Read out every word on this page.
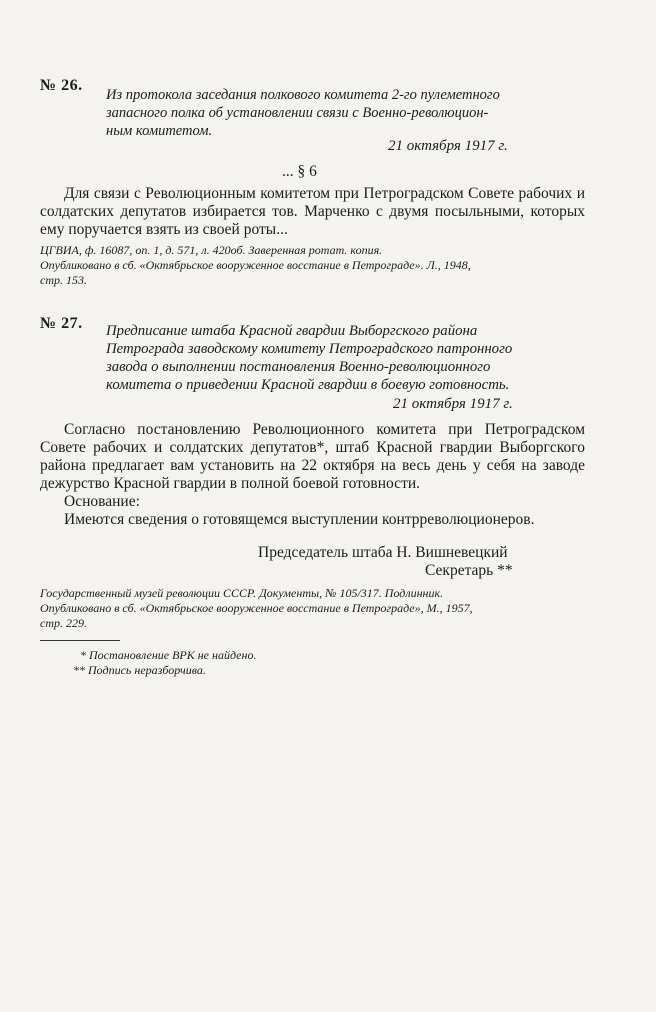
№ 26.
Из протокола заседания полкового комитета 2-го пулеметного
запасного полка об установлении связи с Военно-революцион-
ным комитетом.
21 октября 1917 г.
... § 6

Для связи с Революционным комитетом при Петроградском Совете рабочих и солдатских депутатов избирается тов. Марченко с двумя посыльными, которых ему поручается взять из своей роты...

ЦГВИА, ф. 16087, оп. 1, д. 571, л. 420об. Заверенная ротат. копия.
Опубликовано в сб. «Октябрьское вооруженное восстание в Петрограде». Л., 1948,
стр. 153.
№ 27. Предписание штаба Красной гвардии Выборгского района
Петрограда заводскому комитету Петроградского патронного
завода о выполнении постановления Военно-революционного
комитета о приведении Красной гвардии в боевую готовность.
21 октября 1917 г.

Согласно постановлению Революционного комитета при Петроградском Совете рабочих и солдатских депутатов*, штаб Красной гвардии Выборгского района предлагает вам установить на 22 октября на весь день у себя на заводе дежурство Красной гвардии в полной боевой готовности.

Основание:

Имеются сведения о готовящемся выступлении контрреволюционеров.

Председатель штаба Н. Вишневецкий
Секретарь **
Государственный музей революции СССР. Документы, № 105/317. Подлинник.
Опубликовано в сб. «Октябрьское вооруженное восстание в Петрограде», М., 1957,
стр. 229.
* Постановление ВРК не найдено.
** Подпись неразборчива.
